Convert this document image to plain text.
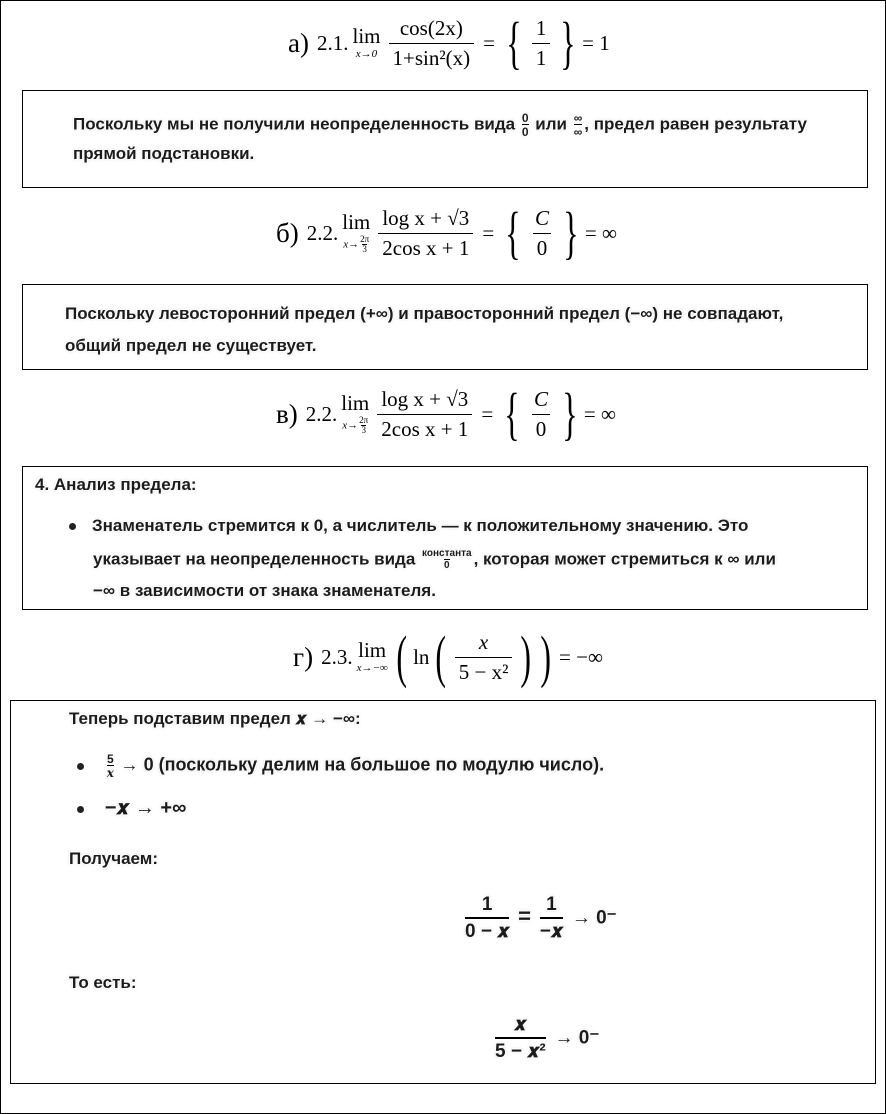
а) 2.1. lim
$x\to 0 \frac{\cos(2x)}{\text{1+sin²(x)}}$ = { $\frac{1}{1}$ } = 1
Поскольку мы не получили неопределенность вида $\frac{0}{0}$ или ∞
∞ , предел равен результату
прямой подстановки.
б) 2.2. lim
$x\to \frac{2\pi}{3} \frac{\text{log x + √3}}{\text{2cos x + 1}}$ = { $\frac{C}{0}$ } = ∞
Поскольку левосторонний предел (+∞) и правосторонний предел (−∞) не совпадают,
общий предел не существует.
в) 2.2. lim
$x\to \frac{2\pi}{3} \frac{\text{log x + √3}}{\text{2cos x + 1}}$ = { $\frac{C}{0}$ } = ∞
4. Анализ предела:
Знаменатель стремится к 0, а числитель — к положительному значению. Это
указывает на неопределенность вида константа
0 , которая может стремиться к ∞ или
−∞ в зависимости от знака знаменателя.
г) 2.3. lim
x→−∞ ( ln ( $\frac{x}{\text{5 − x²}}$ ) ) = −∞
Теперь подставим предел 𝒙 → −∞:

$\frac{5}{x} \to 0$ (поскольку делим на большое по модулю число).
−𝒙 → +∞
Получаем:
1
0 − 𝒙
= 1
−𝒙
→ 0⁻
То есть:
𝒙
5 − 𝒙²
→ 0⁻
